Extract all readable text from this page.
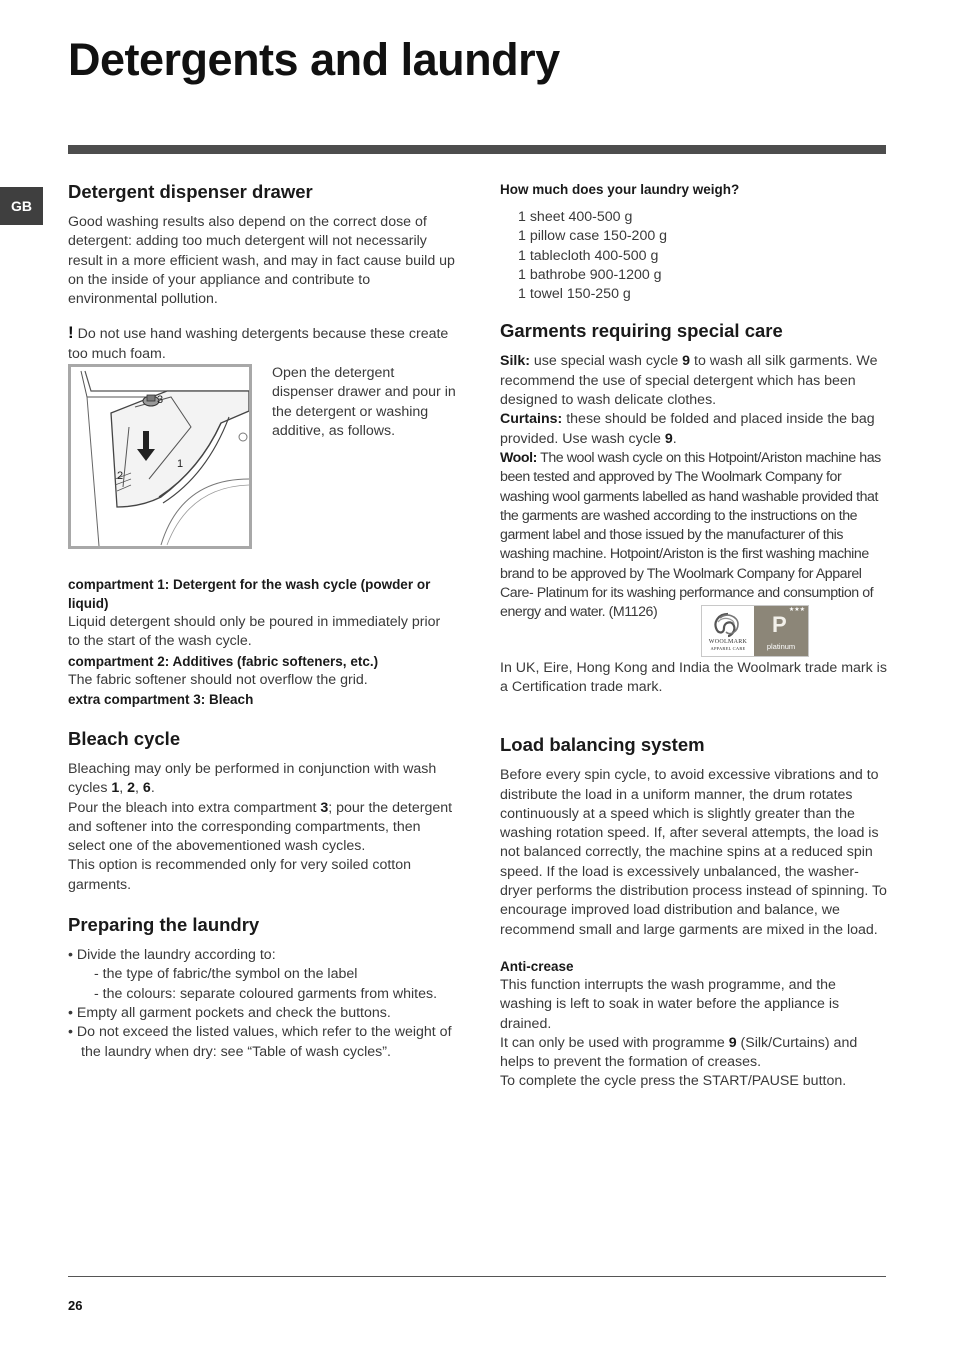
Detergents and laundry
GB
Detergent dispenser drawer

Good washing results also depend on the correct dose of detergent: adding too much detergent will not necessarily result in a more efficient wash, and may in fact cause build up on the inside of your appliance and contribute to environmental pollution.

! Do not use hand washing detergents because these create too much foam.

3
1
2

Open the detergent dispenser drawer and pour in the detergent or washing additive, as follows.

compartment 1: Detergent for the wash cycle (powder or liquid)

Liquid detergent should only be poured in immediately prior to the start of the wash cycle.

compartment 2: Additives (fabric softeners, etc.)

The fabric softener should not overflow the grid.

extra compartment 3: Bleach
Bleach cycle

Bleaching may only be performed in conjunction with wash cycles 1, 2, 6.

Pour the bleach into extra compartment 3; pour the detergent and softener into the corresponding compartments, then select one of the abovementioned wash cycles.

This option is recommended only for very soiled cotton garments.

Preparing the laundry
• Divide the laundry according to:
- the type of fabric/the symbol on the label
- the colours: separate coloured garments from whites.
• Empty all garment pockets and check the buttons.
• Do not exceed the listed values, which refer to the weight of the laundry when dry: see “Table of wash cycles”.
How much does your laundry weigh?
1 sheet 400-500 g
1 pillow case 150-200 g
1 tablecloth 400-500 g
1 bathrobe 900-1200 g
1 towel 150-250 g
Garments requiring special care

Silk: use special wash cycle 9 to wash all silk garments. We recommend the use of special detergent which has been designed to wash delicate clothes.

Curtains: these should be folded and placed inside the bag provided. Use wash cycle 9.

Wool: The wool wash cycle on this Hotpoint/Ariston machine has been tested and approved by The Woolmark Company for washing wool garments labelled as hand washable provided that the garments are washed according to the instructions on the garment label and those issued by the manufacturer of this washing machine. Hotpoint/Ariston is the first washing machine brand to be approved by The Woolmark Company for Apparel Care- Platinum for its washing performance and consumption of energy and water. (M1126)

In UK, Eire, Hong Kong and India the Woolmark trade mark is a Certification trade mark.

Load balancing system

Before every spin cycle, to avoid excessive vibrations and to distribute the load in a uniform manner, the drum rotates continuously at a speed which is slightly greater than the washing rotation speed. If, after several attempts, the load is not balanced correctly, the machine spins at a reduced spin speed. If the load is excessively unbalanced, the washer-dryer performs the distribution process instead of spinning. To encourage improved load distribution and balance, we recommend small and large garments are mixed in the load.

Anti-crease

This function interrupts the wash programme, and the washing is left to soak in water before the appliance is drained.

It can only be used with programme 9 (Silk/Curtains) and helps to prevent the formation of creases.

To complete the cycle press the START/PAUSE button.

WOOLMARK
APPAREL CARE
★★★
P
platinum
26
